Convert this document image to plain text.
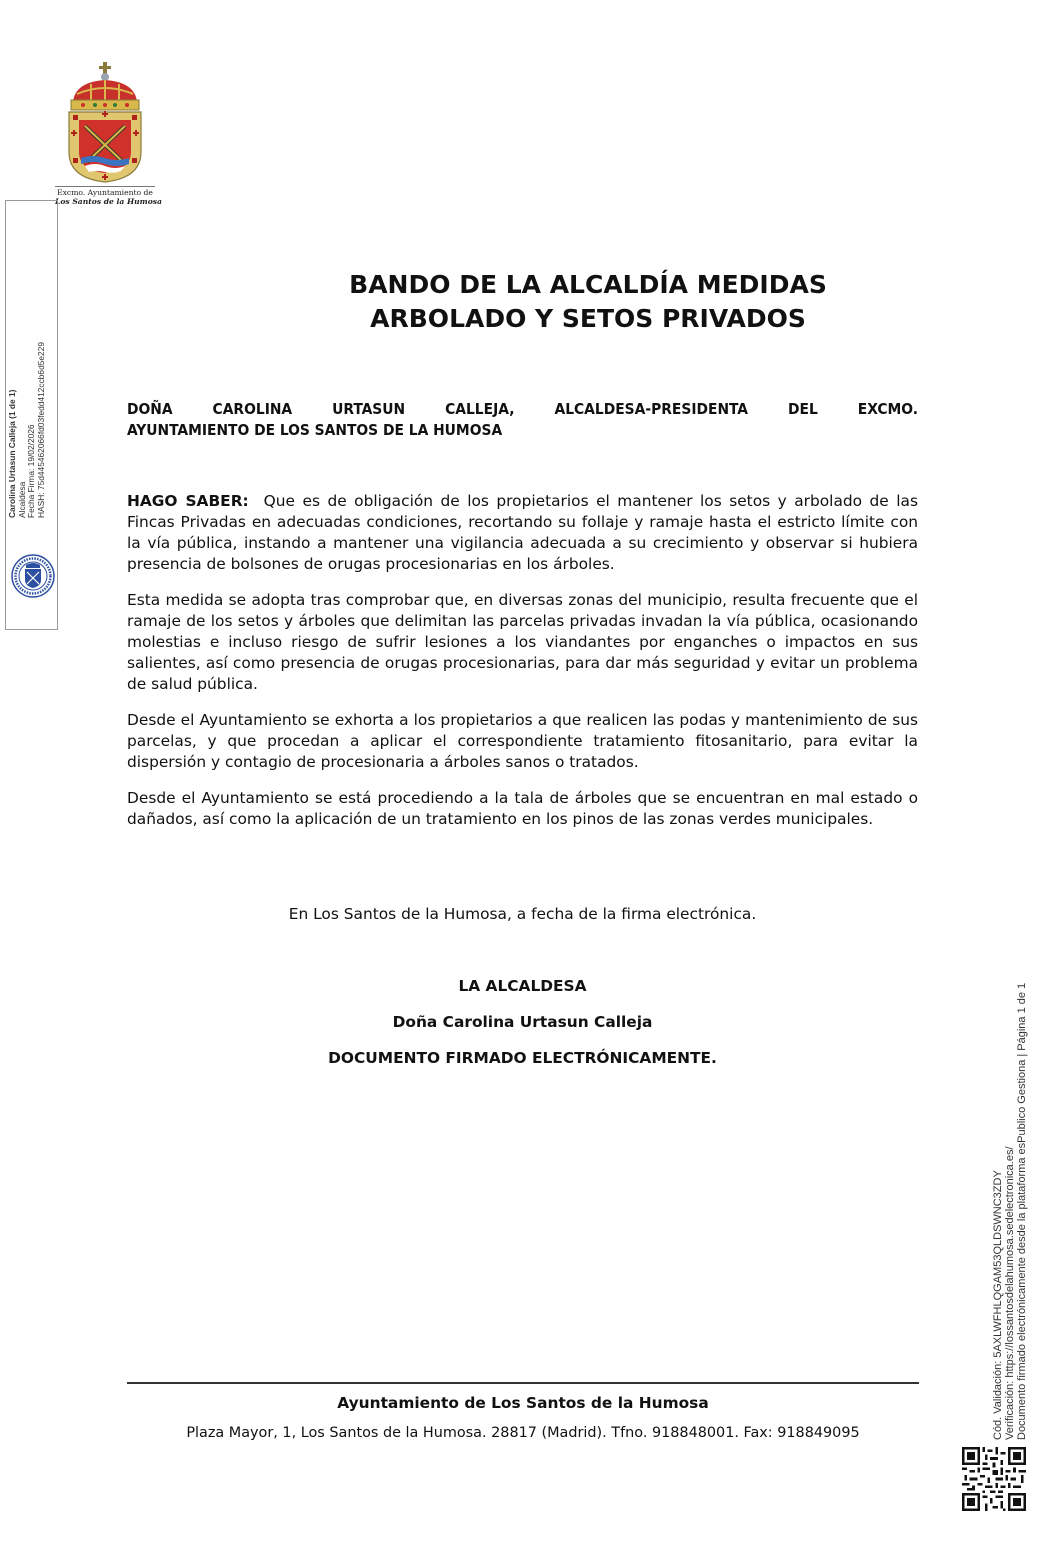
Excmo. Ayuntamiento de
Los Santos de la Humosa
Carolina Urtasun Calleja (1 de 1) Alcaldesa Fecha Firma: 19/02/2026 HASH: 75d445462066fd03fedd412ccb6d5e229
BANDO DE LA ALCALDÍA MEDIDAS
ARBOLADO Y SETOS PRIVADOS
DOÑA CAROLINA URTASUN CALLEJA, ALCALDESA-PRESIDENTA DEL EXCMO.
AYUNTAMIENTO DE LOS SANTOS DE LA HUMOSA

HAGO SABER: Que es de obligación de los propietarios el mantener los setos y arbolado de las Fincas Privadas en adecuadas condiciones, recortando su follaje y ramaje hasta el estricto límite con la vía pública, instando a mantener una vigilancia adecuada a su crecimiento y observar si hubiera presencia de bolsones de orugas procesionarias en los árboles.

Esta medida se adopta tras comprobar que, en diversas zonas del municipio, resulta frecuente que el ramaje de los setos y árboles que delimitan las parcelas privadas invadan la vía pública, ocasionando molestias e incluso riesgo de sufrir lesiones a los viandantes por enganches o impactos en sus salientes, así como presencia de orugas procesionarias, para dar más seguridad y evitar un problema de salud pública.

Desde el Ayuntamiento se exhorta a los propietarios a que realicen las podas y mantenimiento de sus parcelas, y que procedan a aplicar el correspondiente tratamiento fitosanitario, para evitar la dispersión y contagio de procesionaria a árboles sanos o tratados.

Desde el Ayuntamiento se está procediendo a la tala de árboles que se encuentran en mal estado o dañados, así como la aplicación de un tratamiento en los pinos de las zonas verdes municipales.

En Los Santos de la Humosa, a fecha de la firma electrónica.
LA ALCALDESA
Doña Carolina Urtasun Calleja
DOCUMENTO FIRMADO ELECTRÓNICAMENTE.
Ayuntamiento de Los Santos de la Humosa
Plaza Mayor, 1, Los Santos de la Humosa. 28817 (Madrid). Tfno. 918848001. Fax: 918849095	Cód. Validación: 5AXLWFHLQGAM53QLDSWNC3ZDY Verificación: https://lossantosdelahumosa.sedelectronica.es/ Documento firmado electrónicamente desde la plataforma esPublico Gestiona | Página 1 de 1
